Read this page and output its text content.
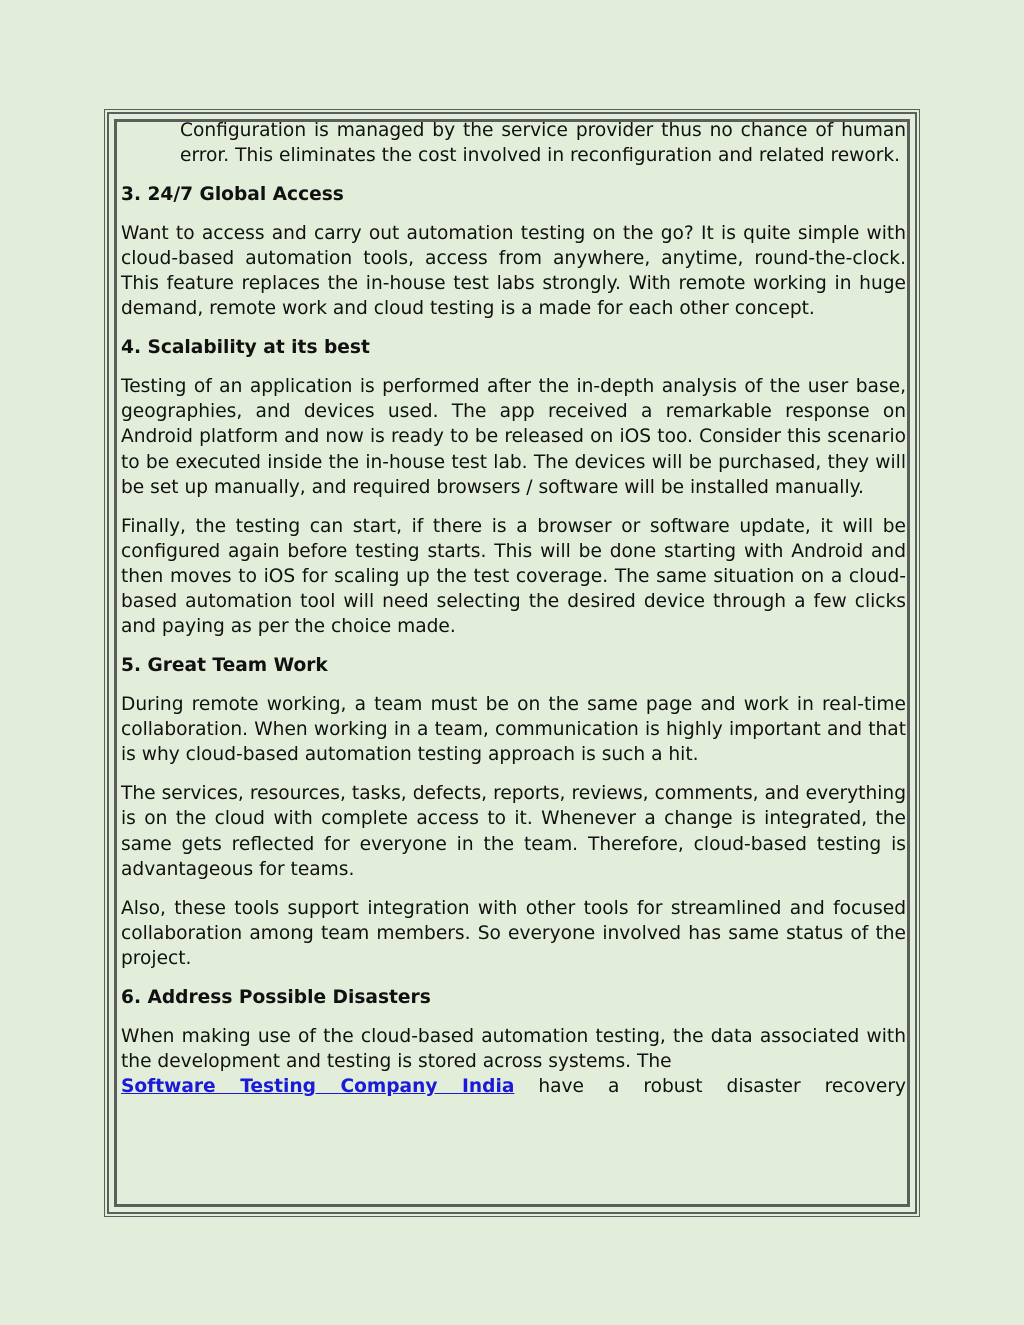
Configuration is managed by the service provider thus no chance of human error. This eliminates the cost involved in reconfiguration and related rework.

3. 24/7 Global Access

Want to access and carry out automation testing on the go? It is quite simple with cloud-based automation tools, access from anywhere, anytime, round-the-clock. This feature replaces the in-house test labs strongly. With remote working in huge demand, remote work and cloud testing is a made for each other concept.

4. Scalability at its best

Testing of an application is performed after the in-depth analysis of the user base, geographies, and devices used. The app received a remarkable response on Android platform and now is ready to be released on iOS too. Consider this scenario to be executed inside the in-house test lab. The devices will be purchased, they will be set up manually, and required browsers / software will be installed manually.

Finally, the testing can start, if there is a browser or software update, it will be configured again before testing starts. This will be done starting with Android and then moves to iOS for scaling up the test coverage. The same situation on a cloud-based automation tool will need selecting the desired device through a few clicks and paying as per the choice made.

5. Great Team Work

During remote working, a team must be on the same page and work in real-time collaboration. When working in a team, communication is highly important and that is why cloud-based automation testing approach is such a hit.

The services, resources, tasks, defects, reports, reviews, comments, and everything is on the cloud with complete access to it. Whenever a change is integrated, the same gets reflected for everyone in the team. Therefore, cloud-based testing is advantageous for teams.

Also, these tools support integration with other tools for streamlined and focused collaboration among team members. So everyone involved has same status of the project.

6. Address Possible Disasters

When making use of the cloud-based automation testing, the data associated with the development and testing is stored across systems. The
Software Testing Company India have a robust disaster recovery
